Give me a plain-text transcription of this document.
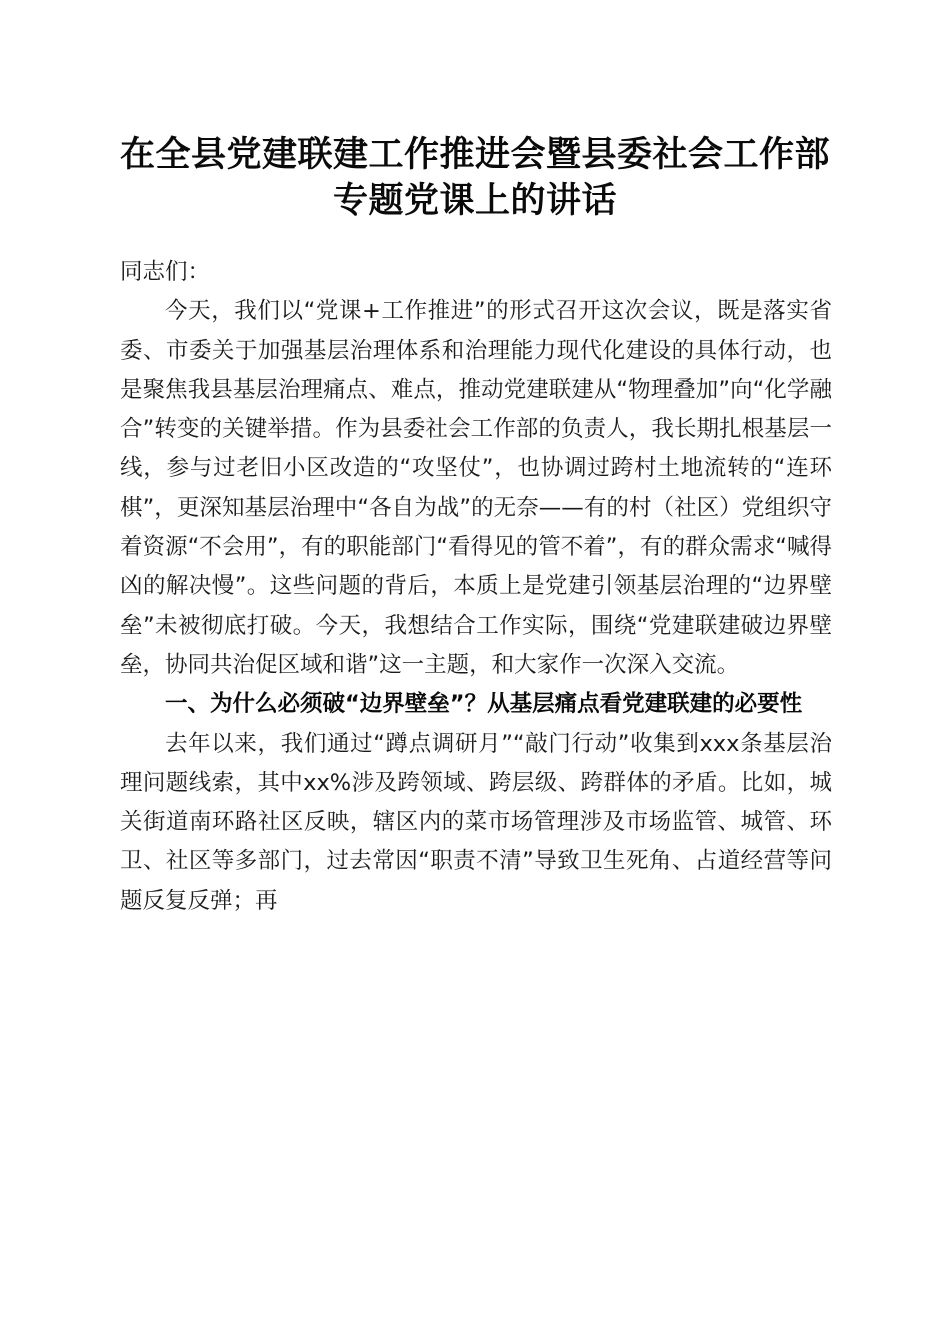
在全县党建联建工作推进会暨县委社会工作部
专题党课上的讲话

同志们：

今天，我们以“党课+工作推进”的形式召开这次会议，既是落实省委、市委关于加强基层治理体系和治理能力现代化建设的具体行动，也是聚焦我县基层治理痛点、难点，推动党建联建从“物理叠加”向“化学融合”转变的关键举措。作为县委社会工作部的负责人，我长期扎根基层一线，参与过老旧小区改造的“攻坚仗”，也协调过跨村土地流转的“连环棋”，更深知基层治理中“各自为战”的无奈——有的村（社区）党组织守着资源“不会用”，有的职能部门“看得见的管不着”，有的群众需求“喊得凶的解决慢”。这些问题的背后，本质上是党建引领基层治理的“边界壁垒”未被彻底打破。今天，我想结合工作实际，围绕“党建联建破边界壁垒，协同共治促区域和谐”这一主题，和大家作一次深入交流。

一、为什么必须破“边界壁垒”？从基层痛点看党建联建的必要性

去年以来，我们通过“蹲点调研月”“敲门行动”收集到xxx条基层治理问题线索，其中xx%涉及跨领域、跨层级、跨群体的矛盾。比如，城关街道南环路社区反映，辖区内的菜市场管理涉及市场监管、城管、环卫、社区等多部门，过去常因“职责不清”导致卫生死角、占道经营等问题反复反弹；再
